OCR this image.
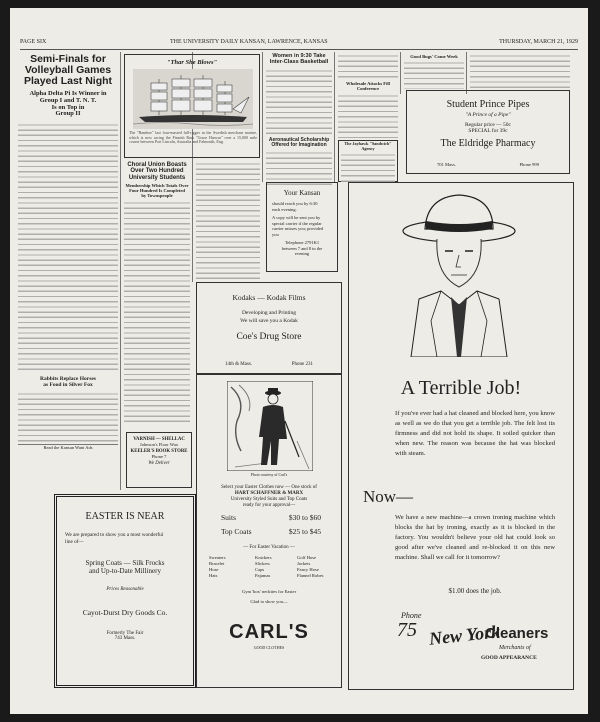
PAGE SIX	THE UNIVERSITY DAILY KANSAN, LAWRENCE, KANSAS	THURSDAY, MARCH 21, 1929
Semi-Finals for
Volleyball Games
Played Last Night
Alpha Delta Pi Is Winner in
Group I and T. N. T.
Is on Top in
Group II
Rabbits Replace Horses
as Food in Silver Fox
Read the Kansan Want Ads
"Thar She Blows"
The "Bamboe" last four-masted full-rigger in the Swedish merchant marine, which is now racing the Finnish Bark "Grace Harwar" over a 15,000 mile course between Port Lincoln, Australia and Falmouth, Eng.
Choral Union Boasts
Over Two Hundred
University Students
Membership Which Totals Over
Four Hundred Is Completed
by Townspeople
VARNISH — SHELLAC
Johnson's Floor Wax
KEELER'S BOOK STORE
Phone 7
We Deliver
Women in 9:30 Take
Inter-Class Basketball
Aeronautical Scholarship
Offered for Imagination
Wholesale Attacks Fill Conference
The Jayhawk "Sandwich" Agency
Good Bugs' Come Week
Student Prince Pipes
"A Prince of a Pipe"
Regular price — 50c
SPECIAL for 39c
The Eldridge Pharmacy
701 Mass.	Phone 999
Your Kansan
should reach you by 6:30
each evening.
A copy will be sent you by
special carrier if the regular
carrier misses you; provided
you
Telephone 2791K1
between 7 and 8 in the
evening
Kodaks — Kodak Films
Developing and Printing
We will save you a Kodak
Coe's Drug Store
14th & Mass.	Phone 231
EASTER IS NEAR
We are prepared to show you a most wonderful
line of—
Spring Coats — Silk Frocks
and Up-to-Date Millinery
Prices Reasonable
Cayot-Durst Dry Goods Co.
Formerly The Fair
743 Mass.
Photo courtesy of Carl's
Select your Easter Clothes now — One stock of
HART SCHAFFNER & MARX
University Styled Suits and Top Coats
ready for your approval—
Suits	$30 to $60
Top Coats	$25 to $45
— For Easter Vacation —
Sweaters
Bracelet
Hose
Hats
Knickers
Slickers
Caps
Pajamas
Golf Hose
Jackets
Fancy Hose
Flannel Robes
Gym 'box' neckties for Easter
Glad to show you—
CARL'S
GOOD CLOTHES
A Terrible Job!
If you've ever had a hat cleaned and blocked here, you know as well as we do that you get a terrible job. The felt lost its firmness and did not hold its shape. It soiled quicker than when new. The reason was because the hat was blocked with steam.
Now—
We have a new machine—a crown ironing machine which blocks the hat by ironing, exactly as it is blocked in the factory. You wouldn't believe your old hat could look so good after we've cleaned and re-blocked it on this new machine. Shall we call for it tomorrow?
$1.00 does the job.
Phone
75 New York
Cleaners
Merchants of
GOOD APPEARANCE
